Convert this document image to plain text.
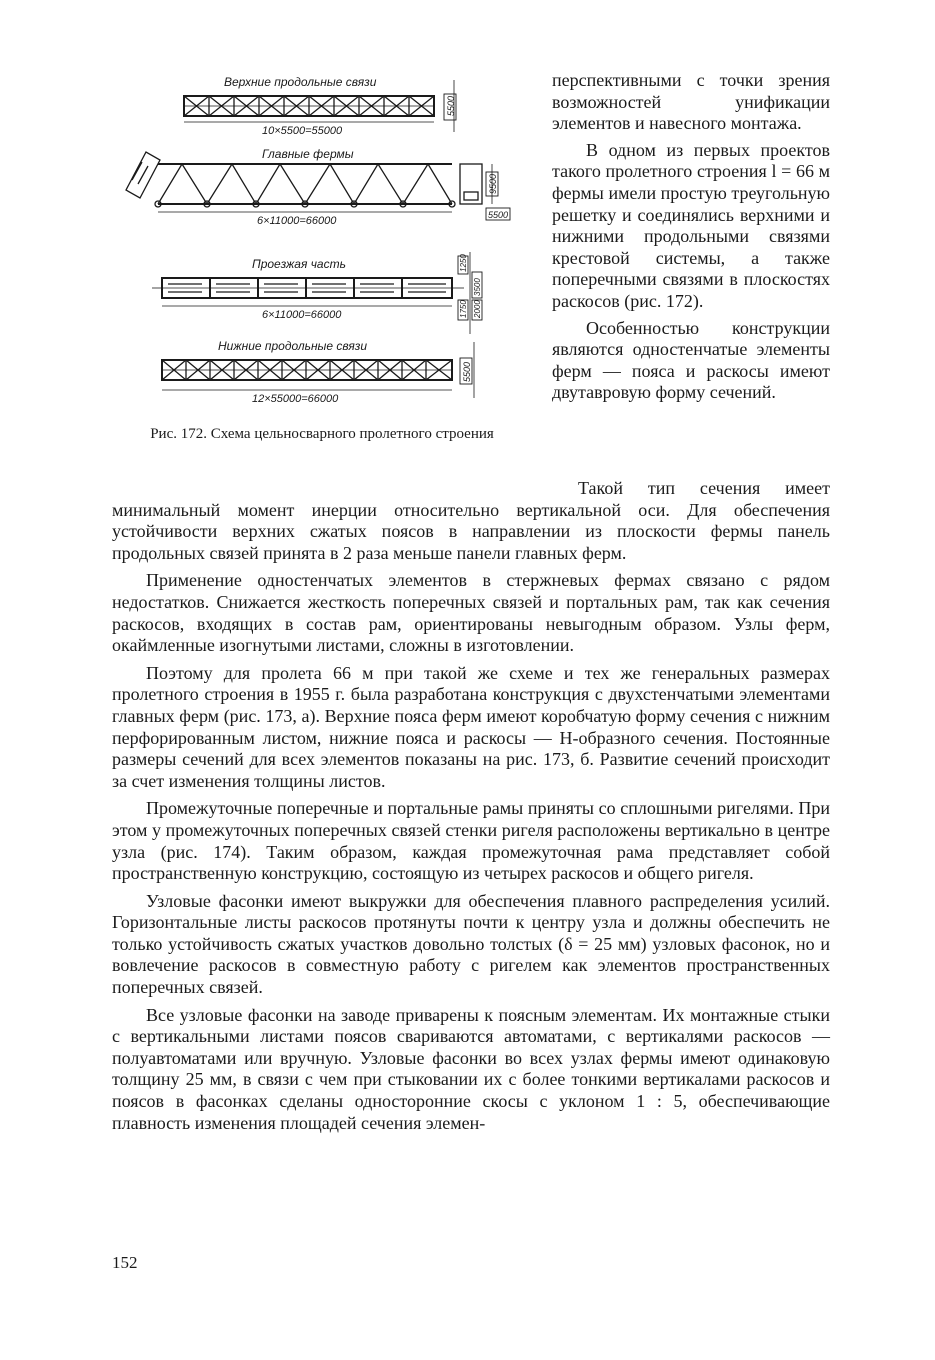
Верхние продольные связи
5500
10×5500=55000
Главные фермы
9500
5500
6×11000=66000
Проезжая часть	1250
3500
1750 2000
6×11000=66000
Нижние продольные связи
5500
12×55000=66000
Рис. 172. Схема цельносварного пролетного строения

перспективными с точки зрения возможностей унификации элементов и навесного монтажа.

В одном из первых проектов такого пролетного строения l = 66 м фермы имели простую треугольную решетку и соединялись верхними и нижними продольными связями крестовой системы, а также поперечными связями в плоскостях раскосов (рис. 172).

Особенностью конструкции являются одностенчатые элементы ферм — пояса и раскосы имеют двутавровую форму сечений.

Такой тип сечения имеет минимальный момент инерции относительно вертикальной оси. Для обеспечения устойчивости верхних сжатых поясов в направлении из плоскости фермы панель продольных связей принята в 2 раза меньше панели главных ферм.

Применение одностенчатых элементов в стержневых фермах связано с рядом недостатков. Снижается жесткость поперечных связей и портальных рам, так как сечения раскосов, входящих в состав рам, ориентированы невыгодным образом. Узлы ферм, окаймленные изогнутыми листами, сложны в изготовлении.

Поэтому для пролета 66 м при такой же схеме и тех же генеральных размерах пролетного строения в 1955 г. была разработана конструкция с двухстенчатыми элементами главных ферм (рис. 173, а). Верхние пояса ферм имеют коробчатую форму сечения с нижним перфорированным листом, нижние пояса и раскосы — Н-образного сечения. Постоянные размеры сечений для всех элементов показаны на рис. 173, б. Развитие сечений происходит за счет изменения толщины листов.

Промежуточные поперечные и портальные рамы приняты со сплошными ригелями. При этом у промежуточных поперечных связей стенки ригеля расположены вертикально в центре узла (рис. 174). Таким образом, каждая промежуточная рама представляет собой пространственную конструкцию, состоящую из четырех раскосов и общего ригеля.

Узловые фасонки имеют выкружки для обеспечения плавного распределения усилий. Горизонтальные листы раскосов протянуты почти к центру узла и должны обеспечить не только устойчивость сжатых участков довольно толстых (δ = 25 мм) узловых фасонок, но и вовлечение раскосов в совместную работу с ригелем как элементов пространственных поперечных связей.

Все узловые фасонки на заводе приварены к поясным элементам. Их монтажные стыки с вертикальными листами поясов свариваются автоматами, с вертикалями раскосов — полуавтоматами или вручную. Узловые фасонки во всех узлах фермы имеют одинаковую толщину 25 мм, в связи с чем при стыковании их с более тонкими вертикалами раскосов и поясов в фасонках сделаны односторонние скосы с уклоном 1 : 5, обеспечивающие плавность изменения площадей сечения элемен-

152
